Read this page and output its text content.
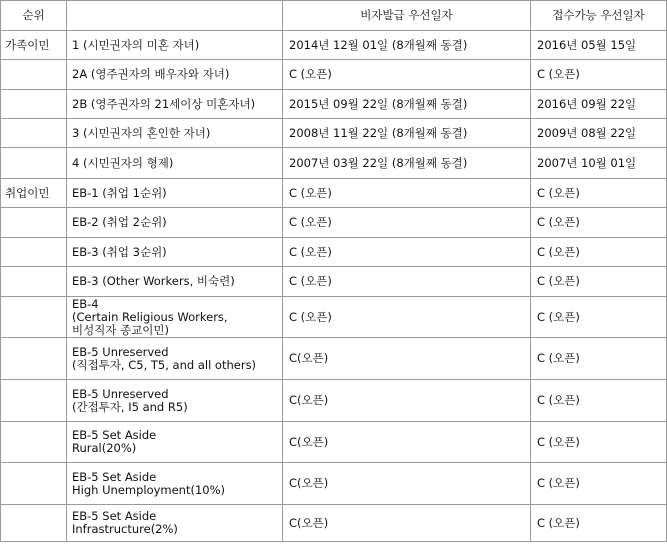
순위		비자발급 우선일자	접수가능 우선일자
가족이민	1 (시민권자의 미혼 자녀)	2014년 12월 01일 (8개월째 동결)	2016년 05월 15일

	2A (영주권자의 배우자와 자녀)	C (오픈)	C (오픈)

	2B (영주권자의 21세이상 미혼자녀)	2015년 09월 22일 (8개월째 동결)	2016년 09월 22일

	3 (시민권자의 혼인한 자녀)	2008년 11월 22일 (8개월째 동결)	2009년 08월 22일

	4 (시민권자의 형제)	2007년 03월 22일 (8개월째 동결)	2007년 10월 01일
취업이민	EB-1 (취업 1순위)	C (오픈)	C (오픈)

	EB-2 (취업 2순위)	C (오픈)	C (오픈)

	EB-3 (취업 3순위)	C (오픈)	C (오픈)

	EB-3 (Other Workers, 비숙련)	C (오픈)	C (오픈)

	EB-4
(Certain Religious Workers,
비성직자 종교이민)	C (오픈)	C (오픈)

	EB-5 Unreserved
(직접투자, C5, T5, and all others)	C(오픈)	C (오픈)

	EB-5 Unreserved
(간접투자, I5 and R5)	C(오픈)	C (오픈)

	EB-5 Set Aside
Rural(20%)	C(오픈)	C (오픈)

	EB-5 Set Aside
High Unemployment(10%)	C(오픈)	C (오픈)

	EB-5 Set Aside
Infrastructure(2%)	C(오픈)	C (오픈)
